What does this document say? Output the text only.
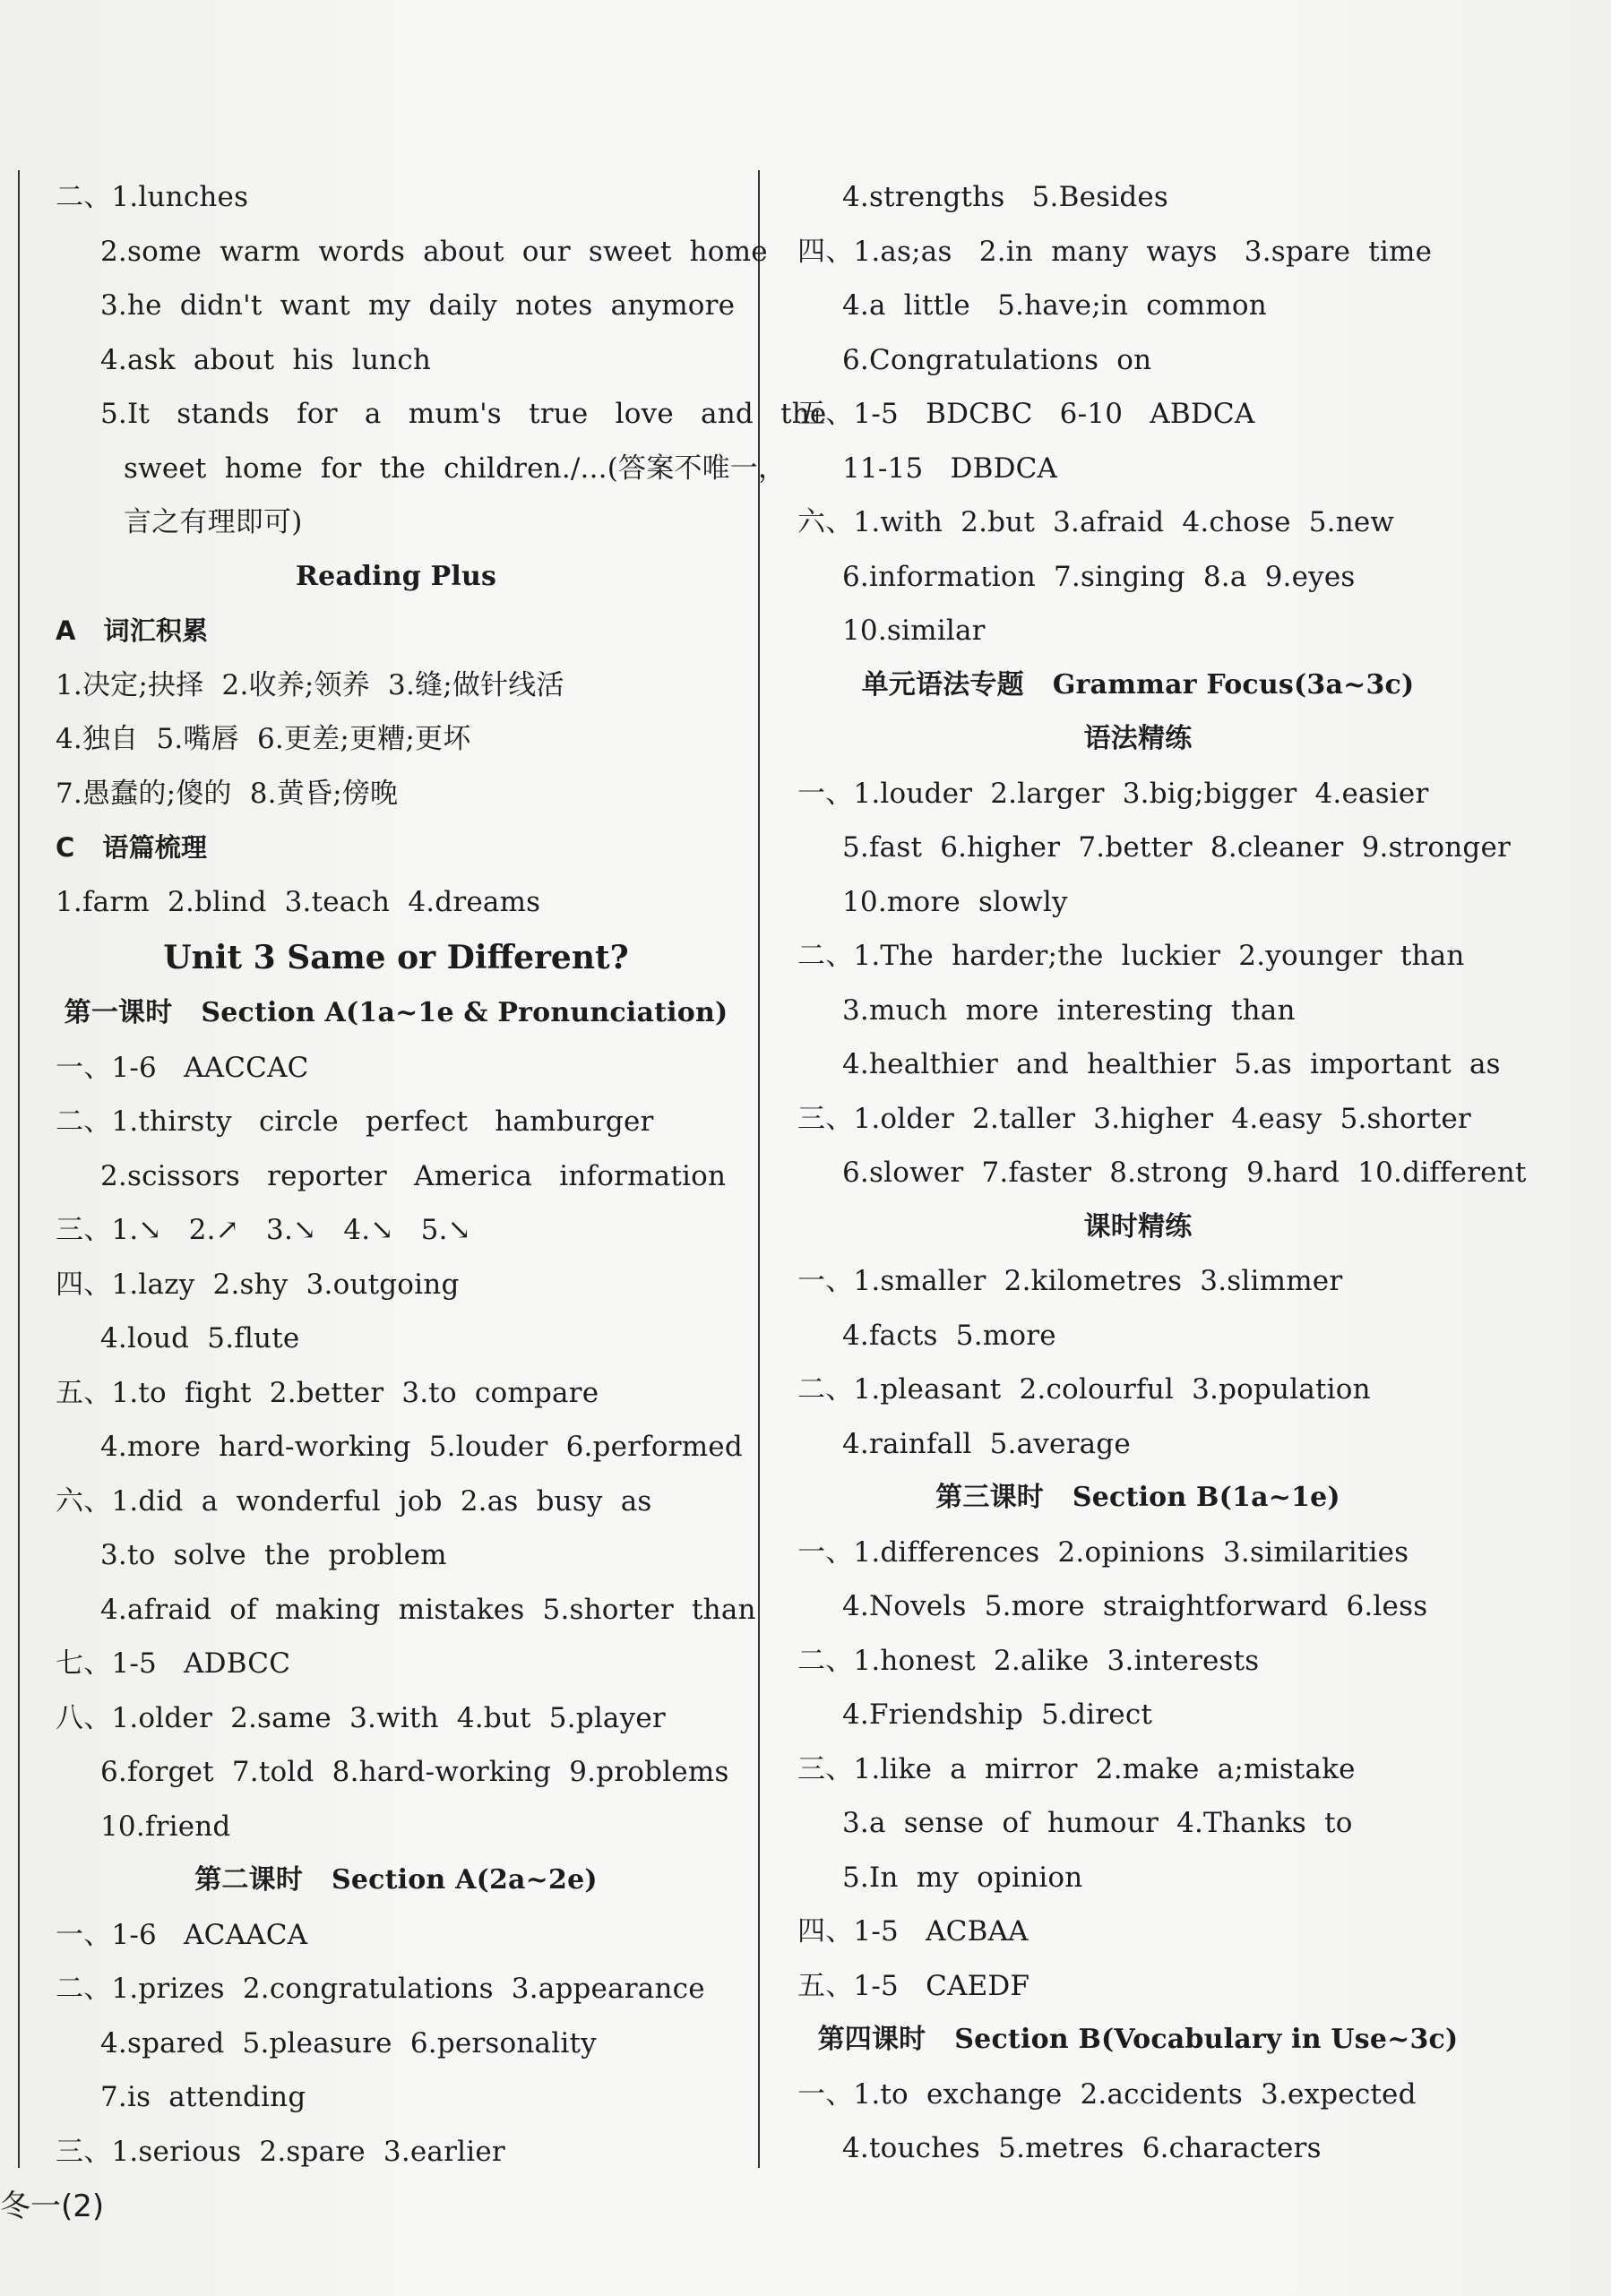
二、1.lunches
2.some  warm  words  about  our  sweet  home
3.he  didn't  want  my  daily  notes  anymore
4.ask  about  his  lunch
5.It   stands   for   a   mum's   true   love   and   the
sweet  home  for  the  children./...(答案不唯一，
言之有理即可)
Reading Plus
A   词汇积累
1.决定;抉择  2.收养;领养  3.缝;做针线活
4.独自  5.嘴唇  6.更差;更糟;更坏
7.愚蠢的;傻的  8.黄昏;傍晚
C   语篇梳理
1.farm  2.blind  3.teach  4.dreams
Unit 3 Same or Different?
第一课时   Section A(1a~1e & Pronunciation)
一、1-6   AACCAC
二、1.thirsty   circle   perfect   hamburger
2.scissors   reporter   America   information
三、1.↘   2.↗   3.↘   4.↘   5.↘
四、1.lazy  2.shy  3.outgoing
4.loud  5.flute
五、1.to  fight  2.better  3.to  compare
4.more  hard-working  5.louder  6.performed
六、1.did  a  wonderful  job  2.as  busy  as
3.to  solve  the  problem
4.afraid  of  making  mistakes  5.shorter  than
七、1-5   ADBCC
八、1.older  2.same  3.with  4.but  5.player
6.forget  7.told  8.hard-working  9.problems
10.friend
第二课时   Section A(2a~2e)
一、1-6   ACAACA
二、1.prizes  2.congratulations  3.appearance
4.spared  5.pleasure  6.personality
7.is  attending
三、1.serious  2.spare  3.earlier
4.strengths   5.Besides
四、1.as;as   2.in  many  ways   3.spare  time
4.a  little   5.have;in  common
6.Congratulations  on
五、1-5   BDCBC   6-10   ABDCA
11-15   DBDCA
六、1.with  2.but  3.afraid  4.chose  5.new
6.information  7.singing  8.a  9.eyes
10.similar
单元语法专题   Grammar Focus(3a~3c)
语法精练
一、1.louder  2.larger  3.big;bigger  4.easier
5.fast  6.higher  7.better  8.cleaner  9.stronger
10.more  slowly
二、1.The  harder;the  luckier  2.younger  than
3.much  more  interesting  than
4.healthier  and  healthier  5.as  important  as
三、1.older  2.taller  3.higher  4.easy  5.shorter
6.slower  7.faster  8.strong  9.hard  10.different
课时精练
一、1.smaller  2.kilometres  3.slimmer
4.facts  5.more
二、1.pleasant  2.colourful  3.population
4.rainfall  5.average
第三课时   Section B(1a~1e)
一、1.differences  2.opinions  3.similarities
4.Novels  5.more  straightforward  6.less
二、1.honest  2.alike  3.interests
4.Friendship  5.direct
三、1.like  a  mirror  2.make  a;mistake
3.a  sense  of  humour  4.Thanks  to
5.In  my  opinion
四、1-5   ACBAA
五、1-5   CAEDF
第四课时   Section B(Vocabulary in Use~3c)
一、1.to  exchange  2.accidents  3.expected
4.touches  5.metres  6.characters
冬一(2)
